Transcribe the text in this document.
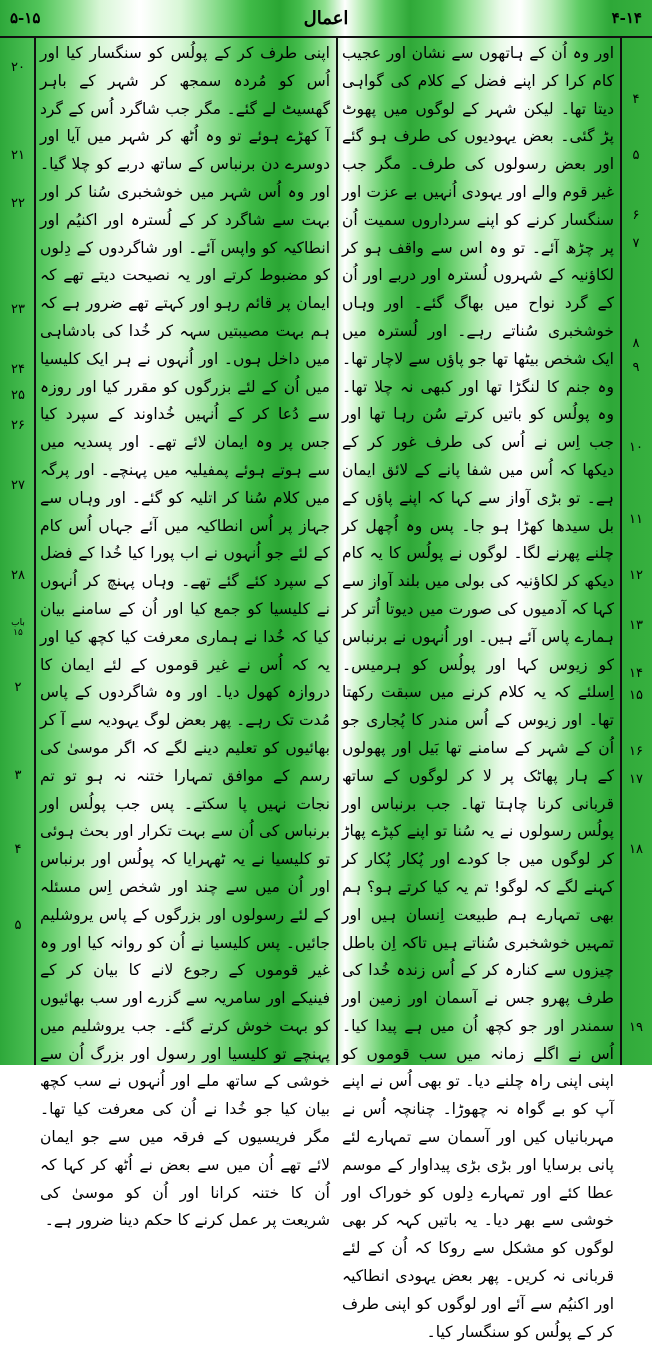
۵-۱۵	اعمال	۴-۱۴
۲۰
۲۱
۲۲
۲۳
۲۴
۲۵
۲۶
۲۷
۲۸
باب ۱۵
۲
۳
۴
۵

اپنی طرف کر کے پولُس کو سنگسار کیا اور اُس کو مُردہ سمجھ کر شہر کے باہر گھسیٹ لے گئے۔ مگر جب شاگرد اُس کے گرد آ کھڑے ہوئے تو وہ اُٹھ کر شہر میں آیا اور دوسرے دن برنباس کے ساتھ دربے کو چلا گیا۔ اور وہ اُس شہر میں خوشخبری سُنا کر اور بہت سے شاگرد کر کے لُسترہ اور اکنیُم اور انطاکیہ کو واپس آئے۔ اور شاگردوں کے دِلوں کو مضبوط کرتے اور یہ نصیحت دیتے تھے کہ ایمان پر قائم رہو اور کہتے تھے ضرور ہے کہ ہم بہت مصیبتیں سہہ کر خُدا کی بادشاہی میں داخل ہوں۔ اور اُنہوں نے ہر ایک کلیسیا میں اُن کے لئے بزرگوں کو مقرر کیا اور روزہ سے دُعا کر کے اُنہیں خُداوند کے سپرد کیا جس پر وہ ایمان لائے تھے۔ اور پسدیہ میں سے ہوتے ہوئے پمفیلیہ میں پہنچے۔ اور پرگہ میں کلام سُنا کر اتلیہ کو گئے۔ اور وہاں سے جہاز پر اُس انطاکیہ میں آئے جہاں اُس کام کے لئے جو اُنہوں نے اب پورا کیا خُدا کے فضل کے سپرد کئے گئے تھے۔ وہاں پہنچ کر اُنہوں نے کلیسیا کو جمع کیا اور اُن کے سامنے بیان کیا کہ خُدا نے ہماری معرفت کیا کچھ کیا اور یہ کہ اُس نے غیر قوموں کے لئے ایمان کا دروازہ کھول دیا۔ اور وہ شاگردوں کے پاس مُدت تک رہے۔ پھر بعض لوگ یہودیہ سے آ کر بھائیوں کو تعلیم دینے لگے کہ اگر موسیٰ کی رسم کے موافق تمہارا ختنہ نہ ہو تو تم نجات نہیں پا سکتے۔ پس جب پولُس اور برنباس کی اُن سے بہت تکرار اور بحث ہوئی تو کلیسیا نے یہ ٹھہرایا کہ پولُس اور برنباس اور اُن میں سے چند اور شخص اِس مسئلہ کے لئے رسولوں اور بزرگوں کے پاس یروشلیم جائیں۔ پس کلیسیا نے اُن کو روانہ کیا اور وہ غیر قوموں کے رجوع لانے کا بیان کر کے فینیکے اور سامریہ سے گزرے اور سب بھائیوں کو بہت خوش کرتے گئے۔ جب یروشلیم میں پہنچے تو کلیسیا اور رسول اور بزرگ اُن سے خوشی کے ساتھ ملے اور اُنہوں نے سب کچھ بیان کیا جو خُدا نے اُن کی معرفت کیا تھا۔ مگر فریسیوں کے فرقہ میں سے جو ایمان لائے تھے اُن میں سے بعض نے اُٹھ کر کہا کہ اُن کا ختنہ کرانا اور اُن کو موسیٰ کی شریعت پر عمل کرنے کا حکم دینا ضرور ہے۔

اور وہ اُن کے ہاتھوں سے نشان اور عجیب کام کرا کر اپنے فضل کے کلام کی گواہی دیتا تھا۔ لیکن شہر کے لوگوں میں پھوٹ پڑ گئی۔ بعض یہودیوں کی طرف ہو گئے اور بعض رسولوں کی طرف۔ مگر جب غیر قوم والے اور یہودی اُنہیں بے عزت اور سنگسار کرنے کو اپنے سرداروں سمیت اُن پر چڑھ آئے۔ تو وہ اس سے واقف ہو کر لکاؤنیہ کے شہروں لُسترہ اور دربے اور اُن کے گرد نواح میں بھاگ گئے۔ اور وہاں خوشخبری سُناتے رہے۔ اور لُسترہ میں ایک شخص بیٹھا تھا جو پاؤں سے لاچار تھا۔ وہ جنم کا لنگڑا تھا اور کبھی نہ چلا تھا۔ وہ پولُس کو باتیں کرتے سُن رہا تھا اور جب اِس نے اُس کی طرف غور کر کے دیکھا کہ اُس میں شفا پانے کے لائق ایمان ہے۔ تو بڑی آواز سے کہا کہ اپنے پاؤں کے بل سیدھا کھڑا ہو جا۔ پس وہ اُچھل کر چلنے پھرنے لگا۔ لوگوں نے پولُس کا یہ کام دیکھ کر لکاؤنیہ کی بولی میں بلند آواز سے کہا کہ آدمیوں کی صورت میں دیوتا اُتر کر ہمارے پاس آئے ہیں۔ اور اُنہوں نے برنباس کو زیوس کہا اور پولُس کو ہرمیس۔ اِسلئے کہ یہ کلام کرنے میں سبقت رکھتا تھا۔ اور زیوس کے اُس مندر کا پُجاری جو اُن کے شہر کے سامنے تھا بَیل اور پھولوں کے ہار پھاٹک پر لا کر لوگوں کے ساتھ قربانی کرنا چاہتا تھا۔ جب برنباس اور پولُس رسولوں نے یہ سُنا تو اپنے کپڑے پھاڑ کر لوگوں میں جا کودے اور پُکار پُکار کر کہنے لگے کہ لوگو! تم یہ کیا کرتے ہو؟ ہم بھی تمہارے ہم طبیعت اِنسان ہیں اور تمہیں خوشخبری سُناتے ہیں تاکہ اِن باطل چیزوں سے کنارہ کر کے اُس زندہ خُدا کی طرف پھرو جس نے آسمان اور زمین اور سمندر اور جو کچھ اُن میں ہے پیدا کیا۔ اُس نے اگلے زمانہ میں سب قوموں کو اپنی اپنی راہ چلنے دیا۔ تو بھی اُس نے اپنے آپ کو بے گواہ نہ چھوڑا۔ چنانچہ اُس نے مہربانیاں کیں اور آسمان سے تمہارے لئے پانی برسایا اور بڑی بڑی پیداوار کے موسم عطا کئے اور تمہارے دِلوں کو خوراک اور خوشی سے بھر دیا۔ یہ باتیں کہہ کر بھی لوگوں کو مشکل سے روکا کہ اُن کے لئے قربانی نہ کریں۔ پھر بعض یہودی انطاکیہ اور اکنیُم سے آئے اور لوگوں کو اپنی طرف کر کے پولُس کو سنگسار کیا۔

۴
۵
۶
۷
۸
۹
۱۰
۱۱
۱۲
۱۳
۱۴
۱۵
۱۶
۱۷
۱۸
۱۹
